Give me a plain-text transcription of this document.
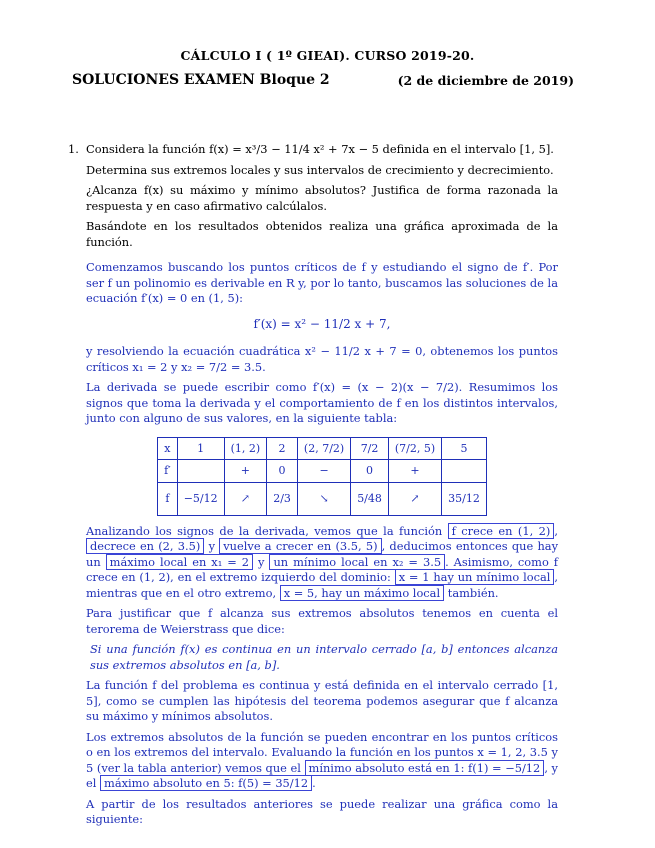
CÁLCULO I ( 1º GIEAI). CURSO 2019-20.
SOLUCIONES EXAMEN Bloque 2	(2 de diciembre de 2019)

1. Considera la función f(x) = x³/3 − 11/4 x² + 7x − 5 definida en el intervalo [1, 5].

Determina sus extremos locales y sus intervalos de crecimiento y decrecimiento.

¿Alcanza f(x) su máximo y mínimo absolutos? Justifica de forma razonada la respuesta y en caso afirmativo calcúlalos.

Basándote en los resultados obtenidos realiza una gráfica aproximada de la función.

Comenzamos buscando los puntos críticos de f y estudiando el signo de f′. Por ser f un polinomio es derivable en R y, por lo tanto, buscamos las soluciones de la ecuación f′(x) = 0 en (1, 5):

f′(x) = x² − 11/2 x + 7,

y resolviendo la ecuación cuadrática x² − 11/2 x + 7 = 0, obtenemos los puntos críticos x₁ = 2 y x₂ = 7/2 = 3.5.

La derivada se puede escribir como f′(x) = (x − 2)(x − 7/2). Resumimos los signos que toma la derivada y el comportamiento de f en los distintos intervalos, junto con alguno de sus valores, en la siguiente tabla:

x	1	(1, 2)	2	(2, 7/2)	7/2	(7/2, 5)	5
f′		+	0	−	0	+	
f	−5/12	↗	2/3	↘	5/48	↗	35/12

Analizando los signos de la derivada, vemos que la función f crece en (1, 2) , decrece en (2, 3.5) y vuelve a crecer en (3.5, 5) , deducimos entonces que hay un máximo local en x₁ = 2 y un mínimo local en x₂ = 3.5 . Asimismo, como f crece en (1, 2), en el extremo izquierdo del dominio: x = 1 hay un mínimo local , mientras que en el otro extremo, x = 5, hay un máximo local también.

Para justificar que f alcanza sus extremos absolutos tenemos en cuenta el terorema de Weierstrass que dice:

Si una función f(x) es continua en un intervalo cerrado [a, b] entonces alcanza sus extremos absolutos en [a, b].

La función f del problema es continua y está definida en el intervalo cerrado [1, 5], como se cumplen las hipótesis del teorema podemos asegurar que f alcanza su máximo y mínimos absolutos.

Los extremos absolutos de la función se pueden encontrar en los puntos críticos o en los extremos del intervalo. Evaluando la función en los puntos x = 1, 2, 3.5 y 5 (ver la tabla anterior) vemos que el mínimo absoluto está en 1: f(1) = −5/12 , y el máximo absoluto en 5: f(5) = 35/12 .

A partir de los resultados anteriores se puede realizar una gráfica como la siguiente:
